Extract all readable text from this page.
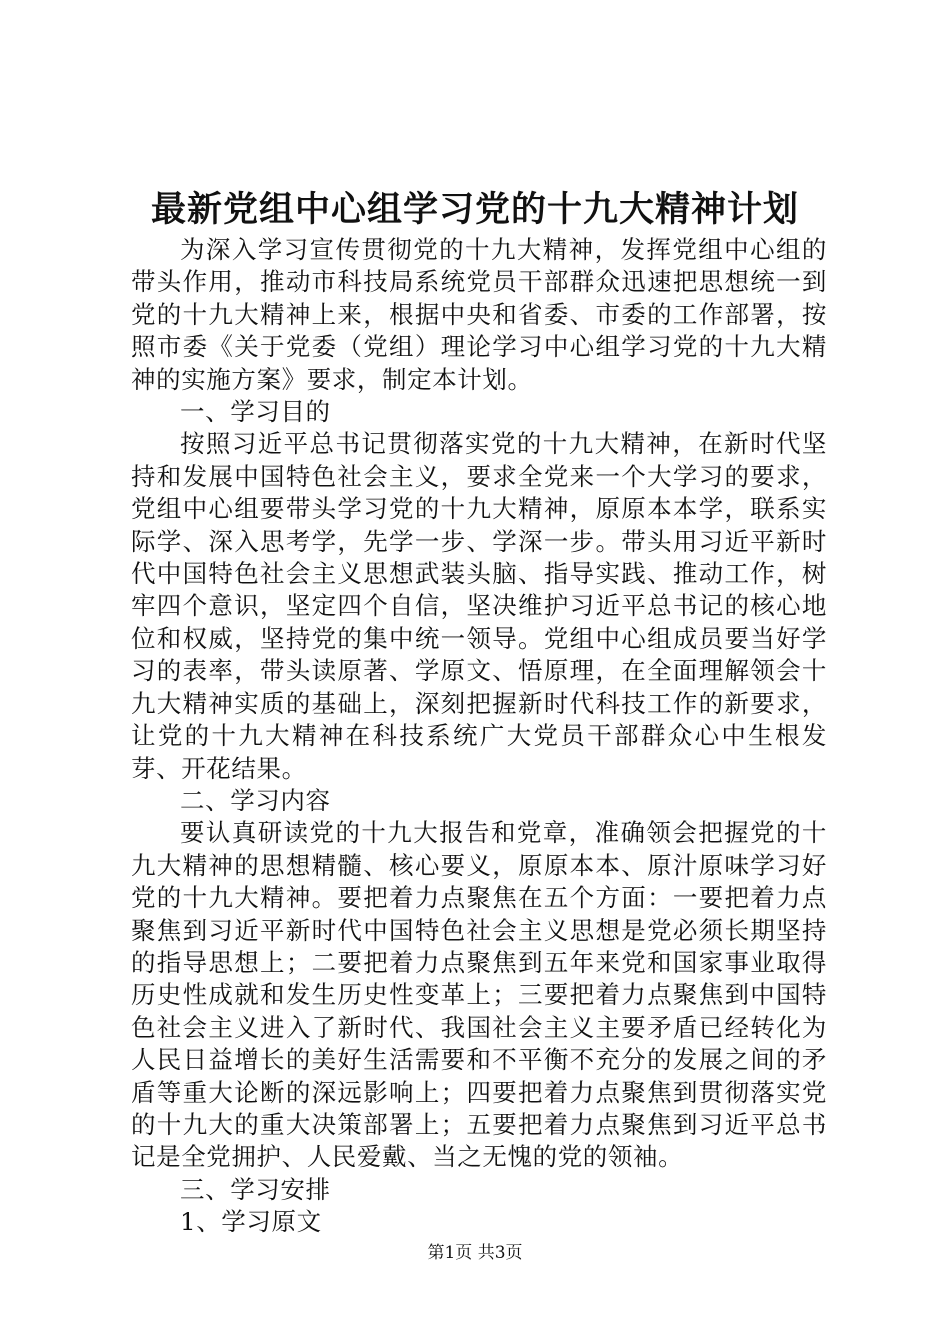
最新党组中心组学习党的十九大精神计划

为深入学习宣传贯彻党的十九大精神，发挥党组中心组的带头作用，推动市科技局系统党员干部群众迅速把思想统一到党的十九大精神上来，根据中央和省委、市委的工作部署，按照市委《关于党委（党组）理论学习中心组学习党的十九大精神的实施方案》要求，制定本计划。

一、学习目的

按照习近平总书记贯彻落实党的十九大精神，在新时代坚持和发展中国特色社会主义，要求全党来一个大学习的要求，党组中心组要带头学习党的十九大精神，原原本本学，联系实际学、深入思考学，先学一步、学深一步。带头用习近平新时代中国特色社会主义思想武装头脑、指导实践、推动工作，树牢四个意识，坚定四个自信，坚决维护习近平总书记的核心地位和权威，坚持党的集中统一领导。党组中心组成员要当好学习的表率，带头读原著、学原文、悟原理，在全面理解领会十九大精神实质的基础上，深刻把握新时代科技工作的新要求，让党的十九大精神在科技系统广大党员干部群众心中生根发芽、开花结果。

二、学习内容

要认真研读党的十九大报告和党章，准确领会把握党的十九大精神的思想精髓、核心要义，原原本本、原汁原味学习好党的十九大精神。要把着力点聚焦在五个方面：一要把着力点聚焦到习近平新时代中国特色社会主义思想是党必须长期坚持的指导思想上；二要把着力点聚焦到五年来党和国家事业取得历史性成就和发生历史性变革上；三要把着力点聚焦到中国特色社会主义进入了新时代、我国社会主义主要矛盾已经转化为人民日益增长的美好生活需要和不平衡不充分的发展之间的矛盾等重大论断的深远影响上；四要把着力点聚焦到贯彻落实党的十九大的重大决策部署上；五要把着力点聚焦到习近平总书记是全党拥护、人民爱戴、当之无愧的党的领袖。

三、学习安排

1、学习原文

第1页 共3页
